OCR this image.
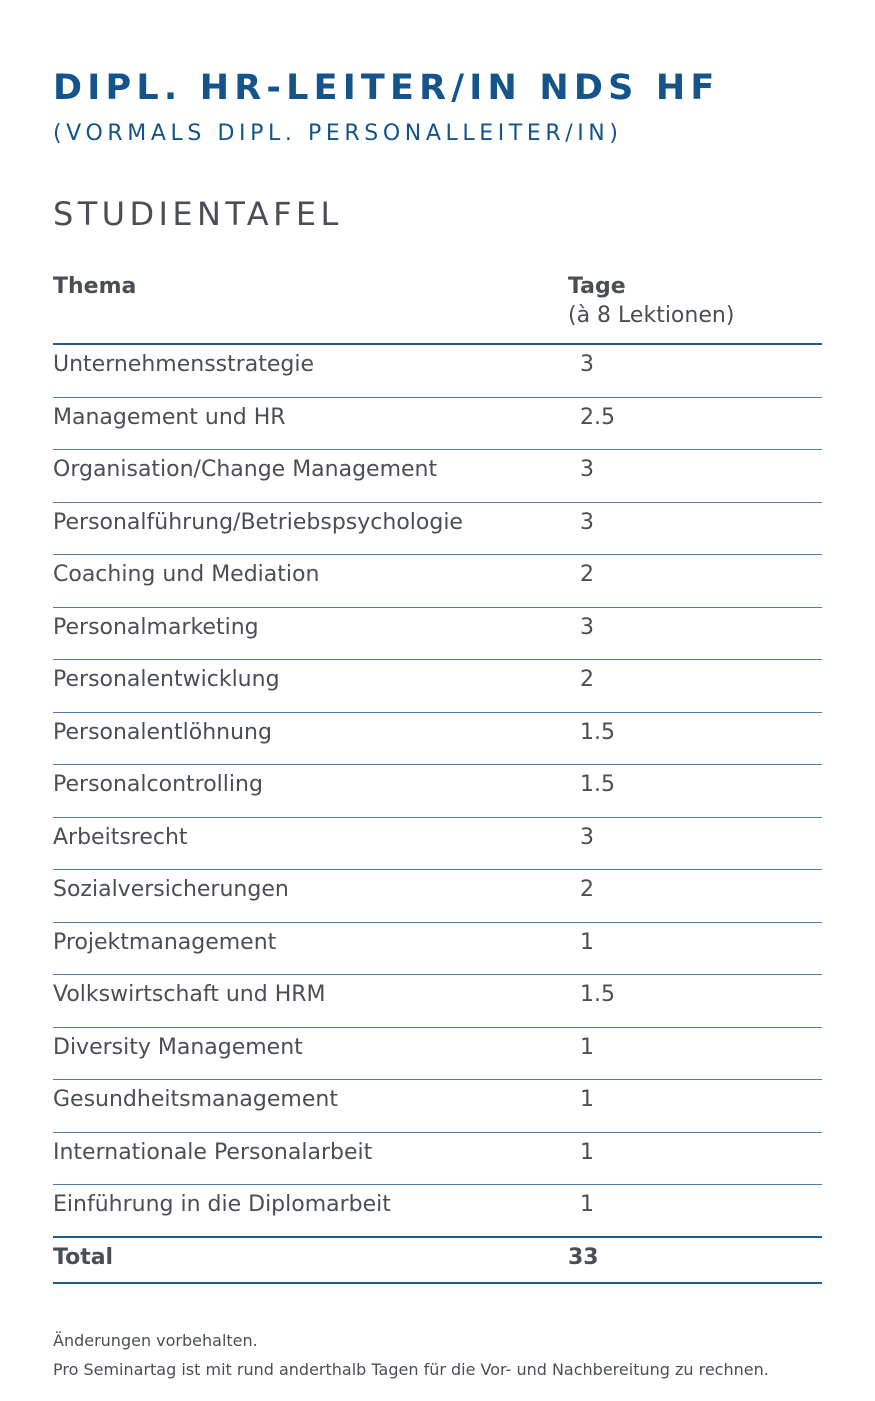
DIPL. HR-LEITER/IN NDS HF
(VORMALS DIPL. PERSONALLEITER/IN)
STUDIENTAFEL
Thema	Tage
(à 8 Lektionen)
Unternehmensstrategie	3
Management und HR	2.5
Organisation/Change Management	3
Personalführung/Betriebspsychologie	3
Coaching und Mediation	2
Personalmarketing	3
Personalentwicklung	2
Personalentlöhnung	1.5
Personalcontrolling	1.5
Arbeitsrecht	3
Sozialversicherungen	2
Projektmanagement	1
Volkswirtschaft und HRM	1.5
Diversity Management	1
Gesundheitsmanagement	1
Internationale Personalarbeit	1
Einführung in die Diplomarbeit	1
Total	33
Änderungen vorbehalten.
Pro Seminartag ist mit rund anderthalb Tagen für die Vor- und Nachbereitung zu rechnen.
